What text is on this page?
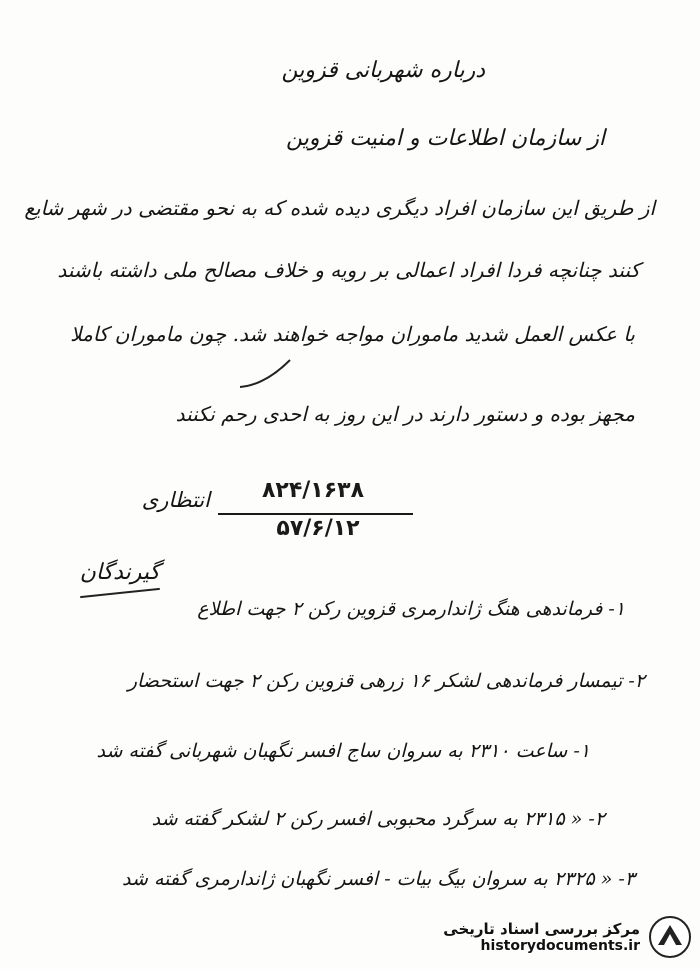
درباره شهربانی قزوین
از سازمان اطلاعات و امنیت قزوین
از طریق این سازمان افراد دیگری دیده شده که به نحو مقتضی در شهر شایع
کنند چنانچه فردا افراد اعمالی بر رویه و خلاف مصالح ملی داشته باشند
با عکس العمل شدید ماموران مواجه خواهند شد. چون ماموران کاملا
مجهز بوده و دستور دارند در این روز به احدی رحم نکنند
انتظاری	۸۲۴/۱۶۳۸
۵۷/۶/۱۲
گیرندگان
۱- فرماندهی هنگ ژاندارمری قزوین رکن ۲ جهت اطلاع
۲- تیمسار فرماندهی لشکر ۱۶ زرهی قزوین رکن ۲ جهت استحضار
۱- ساعت ۲۳۱۰ به سروان ساج افسر نگهبان شهربانی گفته شد
۲- « ۲۳۱۵ به سرگرد محبوبی افسر رکن ۲ لشکر گفته شد
۳- « ۲۳۲۵ به سروان بیگ بیات - افسر نگهبان ژاندارمری گفته شد
مرکز بررسی اسناد تاریخی
historydocuments.ir
